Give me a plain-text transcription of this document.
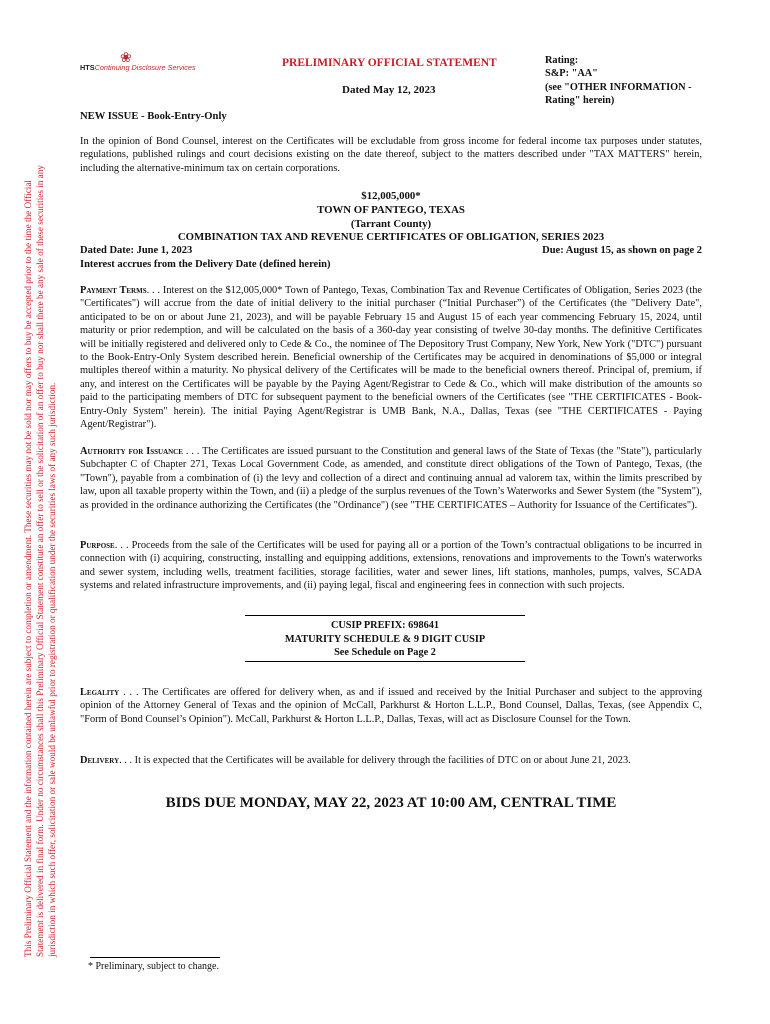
This Preliminary Official Statement and the information contained herein are subject to completion or amendment. These securities may not be sold nor may offers to buy be accepted prior to the time the Official Statement is delivered in final form. Under no circumstances shall this Preliminary Official Statement constitute an offer to sell or the solicitation of an offer to buy nor shall there be any sale of these securities in any jurisdiction in which such offer, solicitation or sale would be unlawful prior to registration or qualification under the securities laws of any such jurisdiction.
❀
HTSContinuing Disclosure Services	PRELIMINARY OFFICIAL STATEMENT
Dated May 12, 2023
Rating:
S&P: "AA"
(see "OTHER INFORMATION -
Rating" herein)
NEW ISSUE - Book-Entry-Only
In the opinion of Bond Counsel, interest on the Certificates will be excludable from gross income for federal income tax purposes under statutes, regulations, published rulings and court decisions existing on the date thereof, subject to the matters described under "TAX MATTERS" herein, including the alternative-minimum tax on certain corporations.
$12,005,000*
TOWN OF PANTEGO, TEXAS
(Tarrant County)
COMBINATION TAX AND REVENUE CERTIFICATES OF OBLIGATION, SERIES 2023
Dated Date: June 1, 2023	Due: August 15, as shown on page 2
Interest accrues from the Delivery Date (defined herein)
Payment Terms. . . Interest on the $12,005,000* Town of Pantego, Texas, Combination Tax and Revenue Certificates of Obligation, Series 2023 (the "Certificates") will accrue from the date of initial delivery to the initial purchaser (“Initial Purchaser”) of the Certificates (the "Delivery Date", anticipated to be on or about June 21, 2023), and will be payable February 15 and August 15 of each year commencing February 15, 2024, until maturity or prior redemption, and will be calculated on the basis of a 360-day year consisting of twelve 30-day months. The definitive Certificates will be initially registered and delivered only to Cede & Co., the nominee of The Depository Trust Company, New York, New York ("DTC") pursuant to the Book-Entry-Only System described herein. Beneficial ownership of the Certificates may be acquired in denominations of $5,000 or integral multiples thereof within a maturity. No physical delivery of the Certificates will be made to the beneficial owners thereof. Principal of, premium, if any, and interest on the Certificates will be payable by the Paying Agent/Registrar to Cede & Co., which will make distribution of the amounts so paid to the participating members of DTC for subsequent payment to the beneficial owners of the Certificates (see "THE CERTIFICATES - Book-Entry-Only System" herein). The initial Paying Agent/Registrar is UMB Bank, N.A., Dallas, Texas (see "THE CERTIFICATES - Paying Agent/Registrar").
Authority for Issuance . . . The Certificates are issued pursuant to the Constitution and general laws of the State of Texas (the "State"), particularly Subchapter C of Chapter 271, Texas Local Government Code, as amended, and constitute direct obligations of the Town of Pantego, Texas, (the "Town"), payable from a combination of (i) the levy and collection of a direct and continuing annual ad valorem tax, within the limits prescribed by law, upon all taxable property within the Town, and (ii) a pledge of the surplus revenues of the Town’s Waterworks and Sewer System (the "System"), as provided in the ordinance authorizing the Certificates (the "Ordinance") (see "THE CERTIFICATES – Authority for Issuance of the Certificates").
Purpose. . . Proceeds from the sale of the Certificates will be used for paying all or a portion of the Town’s contractual obligations to be incurred in connection with (i) acquiring, constructing, installing and equipping additions, extensions, renovations and improvements to the Town's waterworks and sewer system, including wells, treatment facilities, storage facilities, water and sewer lines, lift stations, manholes, pumps, valves, SCADA systems and related infrastructure improvements, and (ii) paying legal, fiscal and engineering fees in connection with such projects.
CUSIP PREFIX: 698641
MATURITY SCHEDULE & 9 DIGIT CUSIP
See Schedule on Page 2
Legality . . . The Certificates are offered for delivery when, as and if issued and received by the Initial Purchaser and subject to the approving opinion of the Attorney General of Texas and the opinion of McCall, Parkhurst & Horton L.L.P., Bond Counsel, Dallas, Texas, (see Appendix C, "Form of Bond Counsel’s Opinion"). McCall, Parkhurst & Horton L.L.P., Dallas, Texas, will act as Disclosure Counsel for the Town.
Delivery. . . It is expected that the Certificates will be available for delivery through the facilities of DTC on or about June 21, 2023.
BIDS DUE MONDAY, MAY 22, 2023 AT 10:00 AM, CENTRAL TIME
* Preliminary, subject to change.
